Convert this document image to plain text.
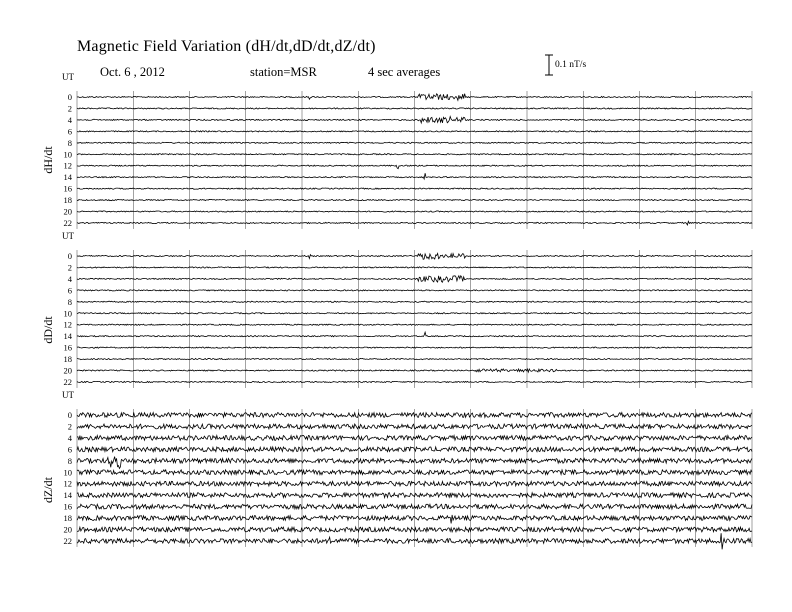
UT
dH/dt
0
2
4
6
8
10
12
14
16
18
20
22
UT
dD/dt
0
2
4
6
8
10
12
14
16
18
20
22
UT
dZ/dt
0
2
4
6
8
10
12
14
16
18
20
22
Magnetic Field Variation (dH/dt,dD/dt,dZ/dt)
Oct. 6 , 2012	station=MSR	4 sec averages	0.1 nT/s
